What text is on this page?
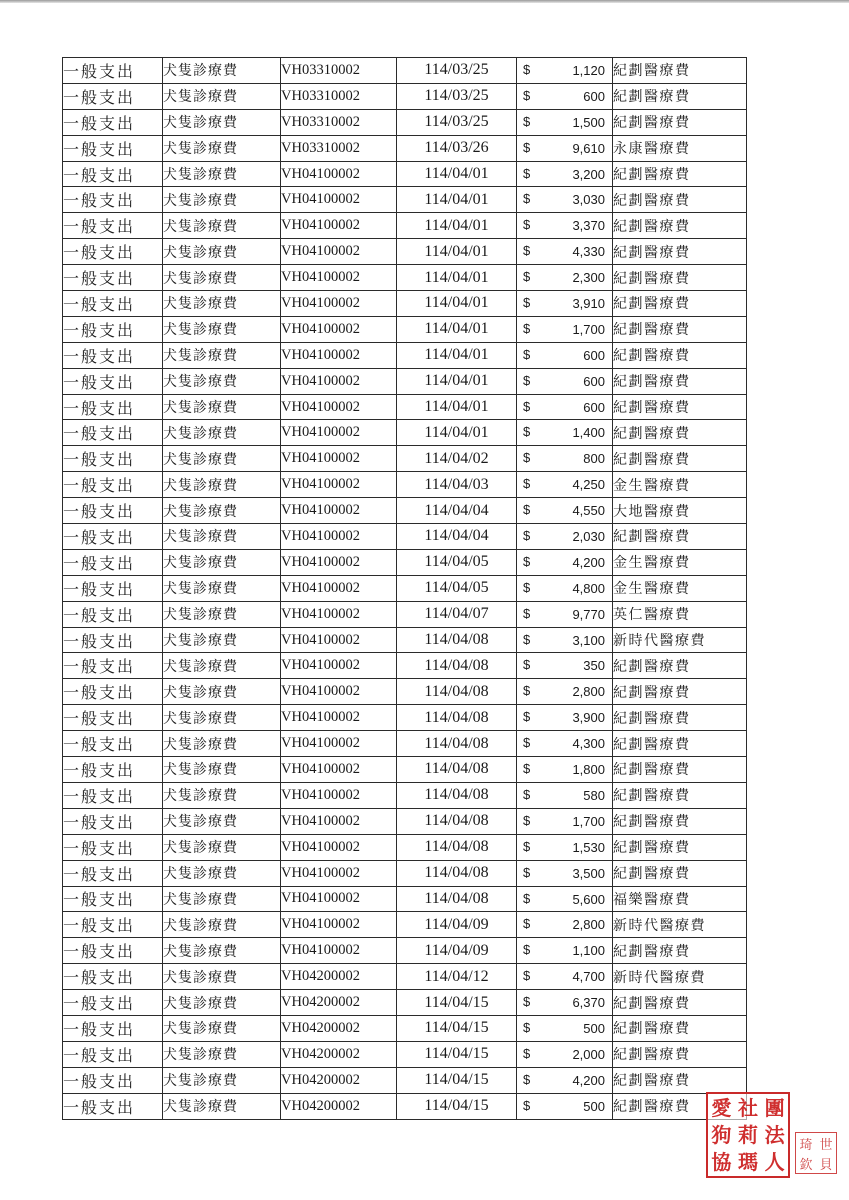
一般支出	犬隻診療費	VH03310002	114/03/25	$ 1,120	紀劃醫療費
一般支出	犬隻診療費	VH03310002	114/03/25	$ 600	紀劃醫療費
一般支出	犬隻診療費	VH03310002	114/03/25	$ 1,500	紀劃醫療費
一般支出	犬隻診療費	VH03310002	114/03/26	$ 9,610	永康醫療費
一般支出	犬隻診療費	VH04100002	114/04/01	$ 3,200	紀劃醫療費
一般支出	犬隻診療費	VH04100002	114/04/01	$ 3,030	紀劃醫療費
一般支出	犬隻診療費	VH04100002	114/04/01	$ 3,370	紀劃醫療費
一般支出	犬隻診療費	VH04100002	114/04/01	$ 4,330	紀劃醫療費
一般支出	犬隻診療費	VH04100002	114/04/01	$ 2,300	紀劃醫療費
一般支出	犬隻診療費	VH04100002	114/04/01	$ 3,910	紀劃醫療費
一般支出	犬隻診療費	VH04100002	114/04/01	$ 1,700	紀劃醫療費
一般支出	犬隻診療費	VH04100002	114/04/01	$ 600	紀劃醫療費
一般支出	犬隻診療費	VH04100002	114/04/01	$ 600	紀劃醫療費
一般支出	犬隻診療費	VH04100002	114/04/01	$ 600	紀劃醫療費
一般支出	犬隻診療費	VH04100002	114/04/01	$ 1,400	紀劃醫療費
一般支出	犬隻診療費	VH04100002	114/04/02	$ 800	紀劃醫療費
一般支出	犬隻診療費	VH04100002	114/04/03	$ 4,250	金生醫療費
一般支出	犬隻診療費	VH04100002	114/04/04	$ 4,550	大地醫療費
一般支出	犬隻診療費	VH04100002	114/04/04	$ 2,030	紀劃醫療費
一般支出	犬隻診療費	VH04100002	114/04/05	$ 4,200	金生醫療費
一般支出	犬隻診療費	VH04100002	114/04/05	$ 4,800	金生醫療費
一般支出	犬隻診療費	VH04100002	114/04/07	$ 9,770	英仁醫療費
一般支出	犬隻診療費	VH04100002	114/04/08	$ 3,100	新時代醫療費
一般支出	犬隻診療費	VH04100002	114/04/08	$ 350	紀劃醫療費
一般支出	犬隻診療費	VH04100002	114/04/08	$ 2,800	紀劃醫療費
一般支出	犬隻診療費	VH04100002	114/04/08	$ 3,900	紀劃醫療費
一般支出	犬隻診療費	VH04100002	114/04/08	$ 4,300	紀劃醫療費
一般支出	犬隻診療費	VH04100002	114/04/08	$ 1,800	紀劃醫療費
一般支出	犬隻診療費	VH04100002	114/04/08	$ 580	紀劃醫療費
一般支出	犬隻診療費	VH04100002	114/04/08	$ 1,700	紀劃醫療費
一般支出	犬隻診療費	VH04100002	114/04/08	$ 1,530	紀劃醫療費
一般支出	犬隻診療費	VH04100002	114/04/08	$ 3,500	紀劃醫療費
一般支出	犬隻診療費	VH04100002	114/04/08	$ 5,600	福樂醫療費
一般支出	犬隻診療費	VH04100002	114/04/09	$ 2,800	新時代醫療費
一般支出	犬隻診療費	VH04100002	114/04/09	$ 1,100	紀劃醫療費
一般支出	犬隻診療費	VH04200002	114/04/12	$ 4,700	新時代醫療費
一般支出	犬隻診療費	VH04200002	114/04/15	$ 6,370	紀劃醫療費
一般支出	犬隻診療費	VH04200002	114/04/15	$ 500	紀劃醫療費
一般支出	犬隻診療費	VH04200002	114/04/15	$ 2,000	紀劃醫療費
一般支出	犬隻診療費	VH04200002	114/04/15	$ 4,200	紀劃醫療費
一般支出	犬隻診療費	VH04200002	114/04/15	$ 500	紀劃醫療費 愛 社 團
狗 莉 法
協 瑪 人
琦 世
欽 貝
